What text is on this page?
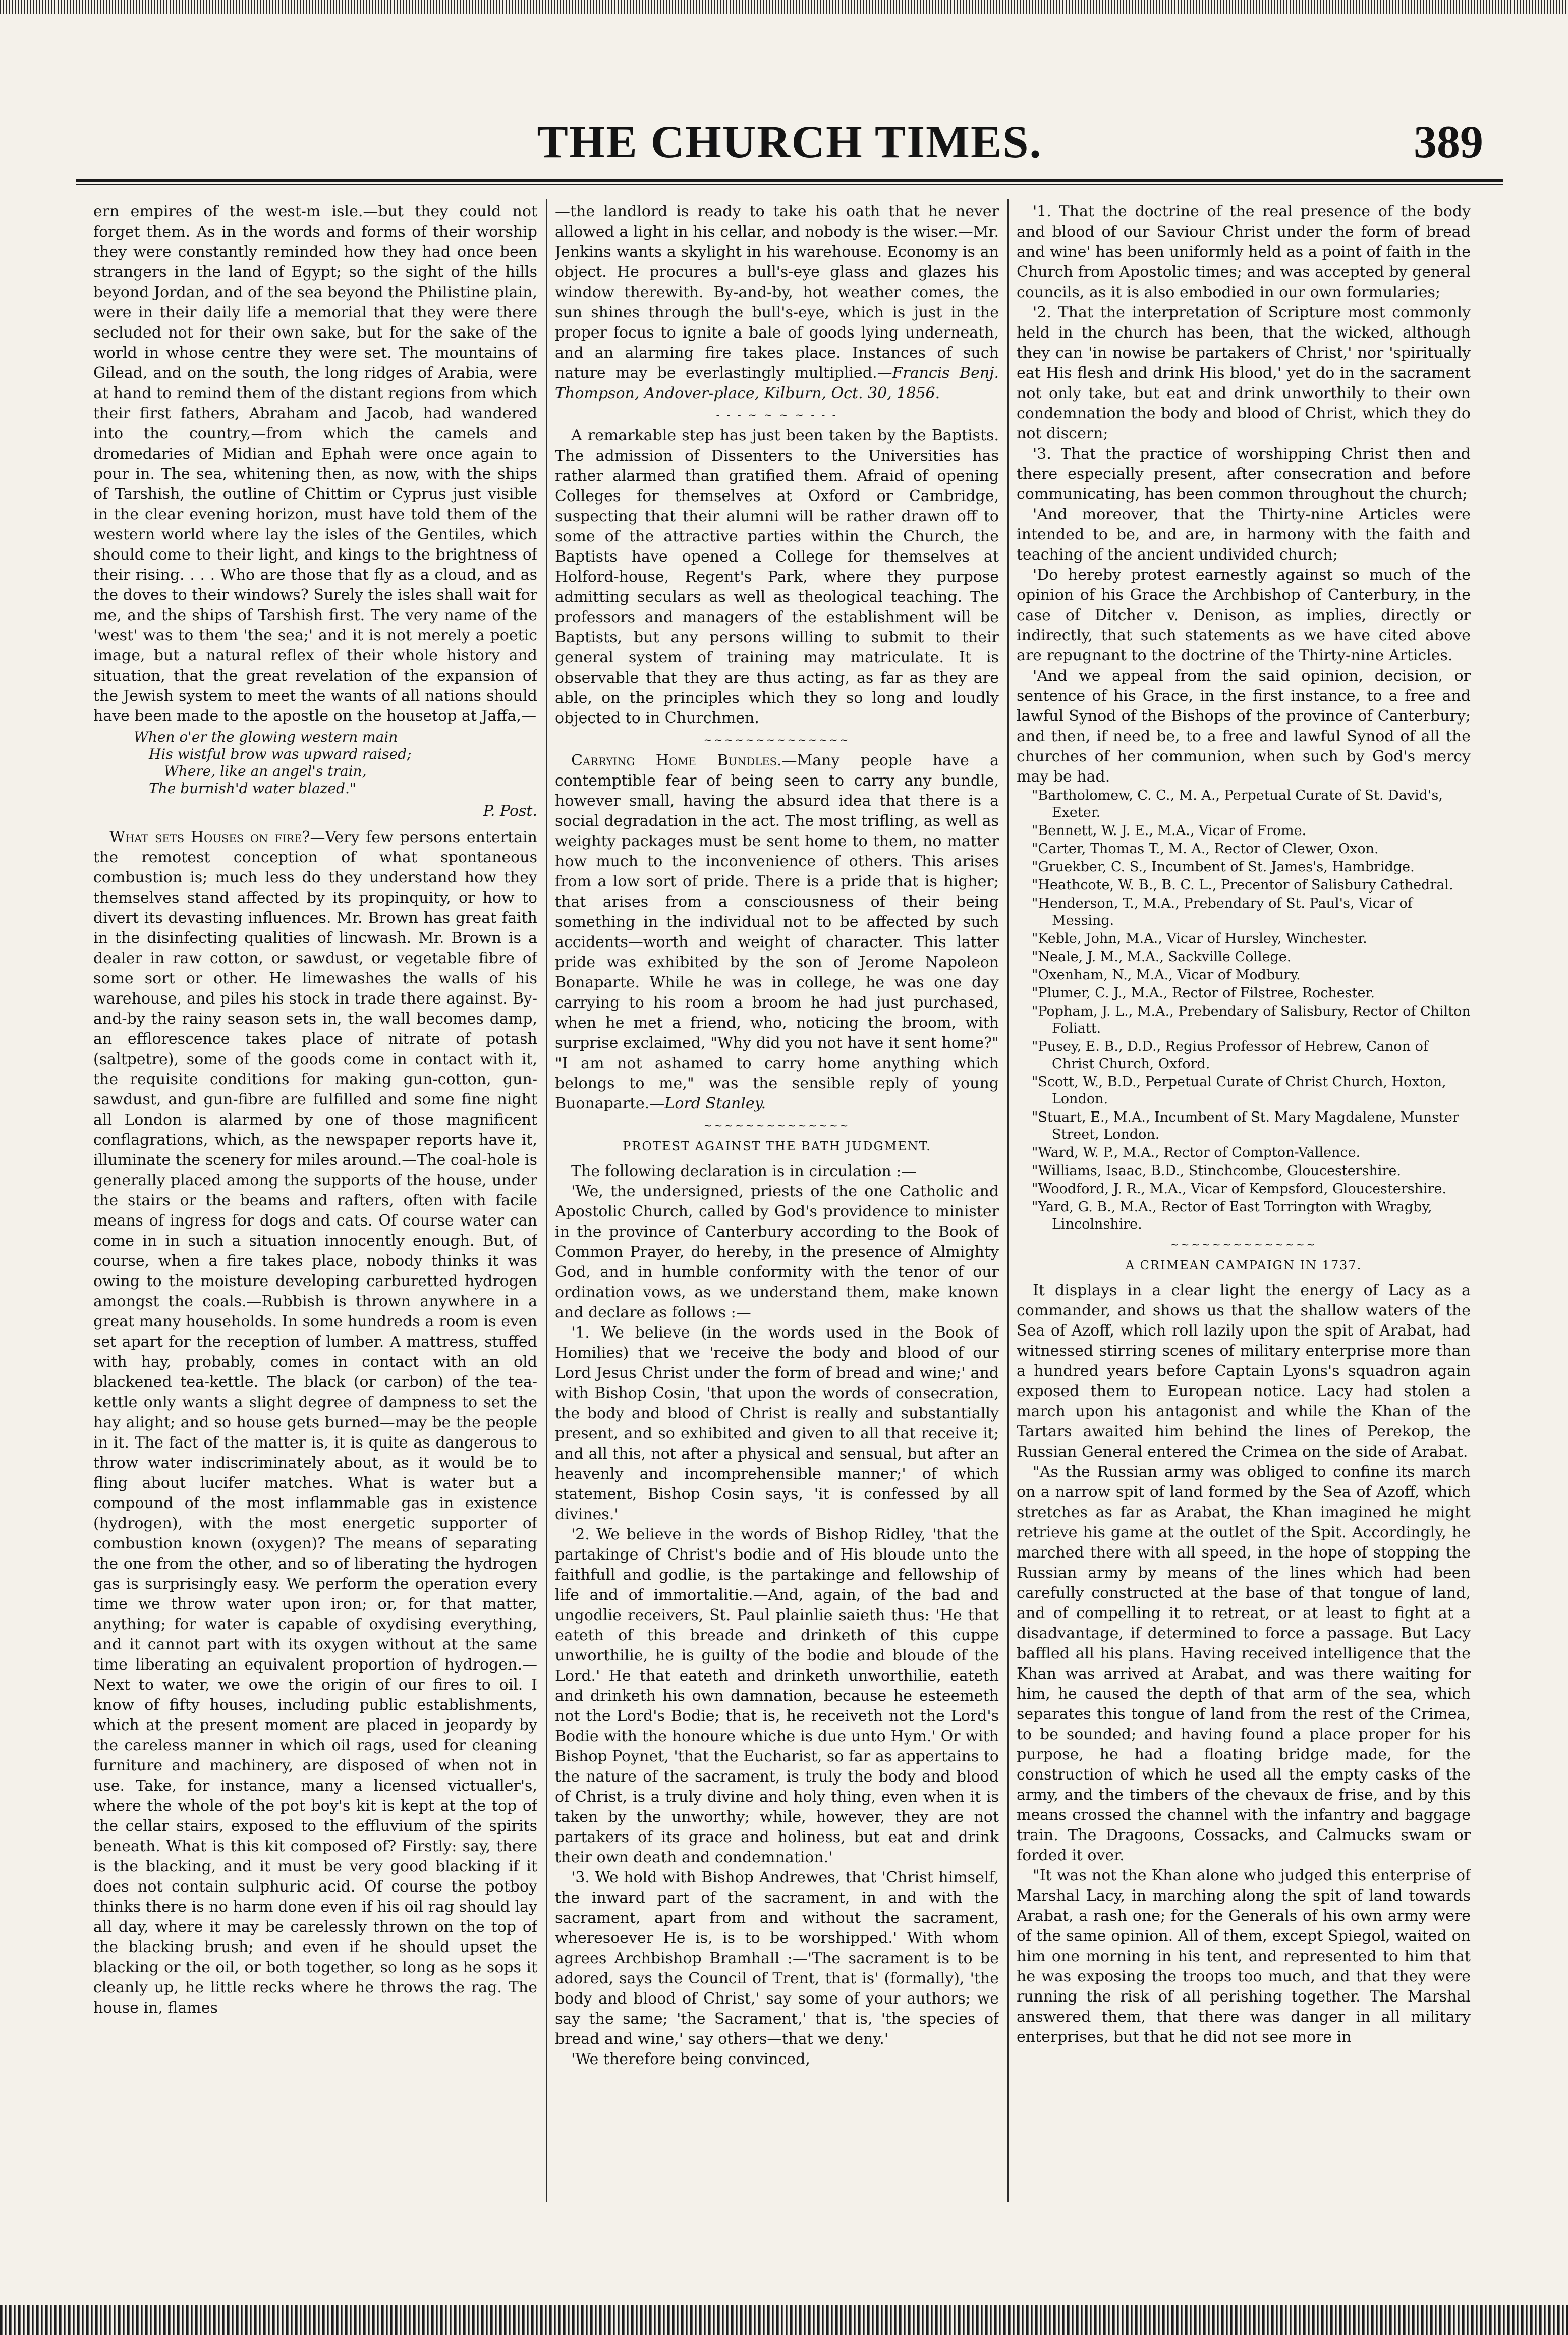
THE CHURCH TIMES.	389

ern empires of the west-m isle.—but they could not forget them. As in the words and forms of their worship they were constantly reminded how they had once been strangers in the land of Egypt; so the sight of the hills beyond Jordan, and of the sea beyond the Philistine plain, were in their daily life a memorial that they were there secluded not for their own sake, but for the sake of the world in whose centre they were set. The mountains of Gilead, and on the south, the long ridges of Arabia, were at hand to remind them of the distant regions from which their first fathers, Abraham and Jacob, had wandered into the country,—from which the camels and dromedaries of Midian and Ephah were once again to pour in. The sea, whitening then, as now, with the ships of Tarshish, the outline of Chittim or Cyprus just visible in the clear evening horizon, must have told them of the western world where lay the isles of the Gentiles, which should come to their light, and kings to the brightness of their rising. . . . Who are those that fly as a cloud, and as the doves to their windows? Surely the isles shall wait for me, and the ships of Tarshish first. The very name of the 'west' was to them 'the sea;' and it is not merely a poetic image, but a natural reflex of their whole history and situation, that the great revelation of the expansion of the Jewish system to meet the wants of all nations should have been made to the apostle on the housetop at Jaffa,—

When o'er the glowing western main
His wistful brow was upward raised;
Where, like an angel's train,
The burnish'd water blazed."
P. Post.

What sets Houses on fire?—Very few persons entertain the remotest conception of what spontaneous combustion is; much less do they understand how they themselves stand affected by its propinquity, or how to divert its devasting influences. Mr. Brown has great faith in the disinfecting qualities of lincwash. Mr. Brown is a dealer in raw cotton, or sawdust, or vegetable fibre of some sort or other. He limewashes the walls of his warehouse, and piles his stock in trade there against. By-and-by the rainy season sets in, the wall becomes damp, an efflorescence takes place of nitrate of potash (saltpetre), some of the goods come in contact with it, the requisite conditions for making gun-cotton, gun-sawdust, and gun-fibre are fulfilled and some fine night all London is alarmed by one of those magnificent conflagrations, which, as the newspaper reports have it, illuminate the scenery for miles around.—The coal-hole is generally placed among the supports of the house, under the stairs or the beams and rafters, often with facile means of ingress for dogs and cats. Of course water can come in in such a situation innocently enough. But, of course, when a fire takes place, nobody thinks it was owing to the moisture developing carburetted hydrogen amongst the coals.—Rubbish is thrown anywhere in a great many households. In some hundreds a room is even set apart for the reception of lumber. A mattress, stuffed with hay, probably, comes in contact with an old blackened tea-kettle. The black (or carbon) of the tea-kettle only wants a slight degree of dampness to set the hay alight; and so house gets burned—may be the people in it. The fact of the matter is, it is quite as dangerous to throw water indiscriminately about, as it would be to fling about lucifer matches. What is water but a compound of the most inflammable gas in existence (hydrogen), with the most energetic supporter of combustion known (oxygen)? The means of separating the one from the other, and so of liberating the hydrogen gas is surprisingly easy. We perform the operation every time we throw water upon iron; or, for that matter, anything; for water is capable of oxydising everything, and it cannot part with its oxygen without at the same time liberating an equivalent proportion of hydrogen.—Next to water, we owe the origin of our fires to oil. I know of fifty houses, including public establishments, which at the present moment are placed in jeopardy by the careless manner in which oil rags, used for cleaning furniture and machinery, are disposed of when not in use. Take, for instance, many a licensed victualler's, where the whole of the pot boy's kit is kept at the top of the cellar stairs, exposed to the effluvium of the spirits beneath. What is this kit composed of? Firstly: say, there is the blacking, and it must be very good blacking if it does not contain sulphuric acid. Of course the potboy thinks there is no harm done even if his oil rag should lay all day, where it may be carelessly thrown on the top of the blacking brush; and even if he should upset the blacking or the oil, or both together, so long as he sops it cleanly up, he little recks where he throws the rag. The house in, flames

—the landlord is ready to take his oath that he never allowed a light in his cellar, and nobody is the wiser.—Mr. Jenkins wants a skylight in his warehouse. Economy is an object. He procures a bull's-eye glass and glazes his window therewith. By-and-by, hot weather comes, the sun shines through the bull's-eye, which is just in the proper focus to ignite a bale of goods lying underneath, and an alarming fire takes place. Instances of such nature may be everlastingly multiplied.—Francis Benj. Thompson, Andover-place, Kilburn, Oct. 30, 1856.

- - - ~ ~ ~ ~ - - -

A remarkable step has just been taken by the Baptists. The admission of Dissenters to the Universities has rather alarmed than gratified them. Afraid of opening Colleges for themselves at Oxford or Cambridge, suspecting that their alumni will be rather drawn off to some of the attractive parties within the Church, the Baptists have opened a College for themselves at Holford-house, Regent's Park, where they purpose admitting seculars as well as theological teaching. The professors and managers of the establishment will be Baptists, but any persons willing to submit to their general system of training may matriculate. It is observable that they are thus acting, as far as they are able, on the principles which they so long and loudly objected to in Churchmen.

~~~~~~~~~~~~~~

Carrying Home Bundles.—Many people have a contemptible fear of being seen to carry any bundle, however small, having the absurd idea that there is a social degradation in the act. The most trifling, as well as weighty packages must be sent home to them, no matter how much to the inconvenience of others. This arises from a low sort of pride. There is a pride that is higher; that arises from a consciousness of their being something in the individual not to be affected by such accidents—worth and weight of character. This latter pride was exhibited by the son of Jerome Napoleon Bonaparte. While he was in college, he was one day carrying to his room a broom he had just purchased, when he met a friend, who, noticing the broom, with surprise exclaimed, "Why did you not have it sent home?" "I am not ashamed to carry home anything which belongs to me," was the sensible reply of young Buonaparte.—Lord Stanley.

~~~~~~~~~~~~~~
PROTEST AGAINST THE BATH JUDGMENT.

The following declaration is in circulation :—

'We, the undersigned, priests of the one Catholic and Apostolic Church, called by God's providence to minister in the province of Canterbury according to the Book of Common Prayer, do hereby, in the presence of Almighty God, and in humble conformity with the tenor of our ordination vows, as we understand them, make known and declare as follows :—

'1. We believe (in the words used in the Book of Homilies) that we 'receive the body and blood of our Lord Jesus Christ under the form of bread and wine;' and with Bishop Cosin, 'that upon the words of consecration, the body and blood of Christ is really and substantially present, and so exhibited and given to all that receive it; and all this, not after a physical and sensual, but after an heavenly and incomprehensible manner;' of which statement, Bishop Cosin says, 'it is confessed by all divines.'

'2. We believe in the words of Bishop Ridley, 'that the partakinge of Christ's bodie and of His bloude unto the faithfull and godlie, is the partakinge and fellowship of life and of immortalitie.—And, again, of the bad and ungodlie receivers, St. Paul plainlie saieth thus: 'He that eateth of this breade and drinketh of this cuppe unworthilie, he is guilty of the bodie and bloude of the Lord.' He that eateth and drinketh unworthilie, eateth and drinketh his own damnation, because he esteemeth not the Lord's Bodie; that is, he receiveth not the Lord's Bodie with the honoure whiche is due unto Hym.' Or with Bishop Poynet, 'that the Eucharist, so far as appertains to the nature of the sacrament, is truly the body and blood of Christ, is a truly divine and holy thing, even when it is taken by the unworthy; while, however, they are not partakers of its grace and holiness, but eat and drink their own death and condemnation.'

'3. We hold with Bishop Andrewes, that 'Christ himself, the inward part of the sacrament, in and with the sacrament, apart from and without the sacrament, wheresoever He is, is to be worshipped.' With whom agrees Archbishop Bramhall :—'The sacrament is to be adored, says the Council of Trent, that is' (formally), 'the body and blood of Christ,' say some of your authors; we say the same; 'the Sacrament,' that is, 'the species of bread and wine,' say others—that we deny.'

'We therefore being convinced,

'1. That the doctrine of the real presence of the body and blood of our Saviour Christ under the form of bread and wine' has been uniformly held as a point of faith in the Church from Apostolic times; and was accepted by general councils, as it is also embodied in our own formularies;

'2. That the interpretation of Scripture most commonly held in the church has been, that the wicked, although they can 'in nowise be partakers of Christ,' nor 'spiritually eat His flesh and drink His blood,' yet do in the sacrament not only take, but eat and drink unworthily to their own condemnation the body and blood of Christ, which they do not discern;

'3. That the practice of worshipping Christ then and there especially present, after consecration and before communicating, has been common throughout the church;

'And moreover, that the Thirty-nine Articles were intended to be, and are, in harmony with the faith and teaching of the ancient undivided church;

'Do hereby protest earnestly against so much of the opinion of his Grace the Archbishop of Canterbury, in the case of Ditcher v. Denison, as implies, directly or indirectly, that such statements as we have cited above are repugnant to the doctrine of the Thirty-nine Articles.

'And we appeal from the said opinion, decision, or sentence of his Grace, in the first instance, to a free and lawful Synod of the Bishops of the province of Canterbury; and then, if need be, to a free and lawful Synod of all the churches of her communion, when such by God's mercy may be had.

"Bartholomew, C. C., M. A., Perpetual Curate of St. David's, Exeter.
"Bennett, W. J. E., M.A., Vicar of Frome.
"Carter, Thomas T., M. A., Rector of Clewer, Oxon.
"Gruekber, C. S., Incumbent of St. James's, Hambridge.
"Heathcote, W. B., B. C. L., Precentor of Salisbury Cathedral.
"Henderson, T., M.A., Prebendary of St. Paul's, Vicar of Messing.
"Keble, John, M.A., Vicar of Hursley, Winchester.
"Neale, J. M., M.A., Sackville College.
"Oxenham, N., M.A., Vicar of Modbury.
"Plumer, C. J., M.A., Rector of Filstree, Rochester.
"Popham, J. L., M.A., Prebendary of Salisbury, Rector of Chilton Foliatt.
"Pusey, E. B., D.D., Regius Professor of Hebrew, Canon of Christ Church, Oxford.
"Scott, W., B.D., Perpetual Curate of Christ Church, Hoxton, London.
"Stuart, E., M.A., Incumbent of St. Mary Magdalene, Munster Street, London.
"Ward, W. P., M.A., Rector of Compton-Vallence.
"Williams, Isaac, B.D., Stinchcombe, Gloucestershire.
"Woodford, J. R., M.A., Vicar of Kempsford, Gloucestershire.
"Yard, G. B., M.A., Rector of East Torrington with Wragby, Lincolnshire.
~~~~~~~~~~~~~~
A CRIMEAN CAMPAIGN IN 1737.

It displays in a clear light the energy of Lacy as a commander, and shows us that the shallow waters of the Sea of Azoff, which roll lazily upon the spit of Arabat, had witnessed stirring scenes of military enterprise more than a hundred years before Captain Lyons's squadron again exposed them to European notice. Lacy had stolen a march upon his antagonist and while the Khan of the Tartars awaited him behind the lines of Perekop, the Russian General entered the Crimea on the side of Arabat.

"As the Russian army was obliged to confine its march on a narrow spit of land formed by the Sea of Azoff, which stretches as far as Arabat, the Khan imagined he might retrieve his game at the outlet of the Spit. Accordingly, he marched there with all speed, in the hope of stopping the Russian army by means of the lines which had been carefully constructed at the base of that tongue of land, and of compelling it to retreat, or at least to fight at a disadvantage, if determined to force a passage. But Lacy baffled all his plans. Having received intelligence that the Khan was arrived at Arabat, and was there waiting for him, he caused the depth of that arm of the sea, which separates this tongue of land from the rest of the Crimea, to be sounded; and having found a place proper for his purpose, he had a floating bridge made, for the construction of which he used all the empty casks of the army, and the timbers of the chevaux de frise, and by this means crossed the channel with the infantry and baggage train. The Dragoons, Cossacks, and Calmucks swam or forded it over.

"It was not the Khan alone who judged this enterprise of Marshal Lacy, in marching along the spit of land towards Arabat, a rash one; for the Generals of his own army were of the same opinion. All of them, except Spiegol, waited on him one morning in his tent, and represented to him that he was exposing the troops too much, and that they were running the risk of all perishing together. The Marshal answered them, that there was danger in all military enterprises, but that he did not see more in
